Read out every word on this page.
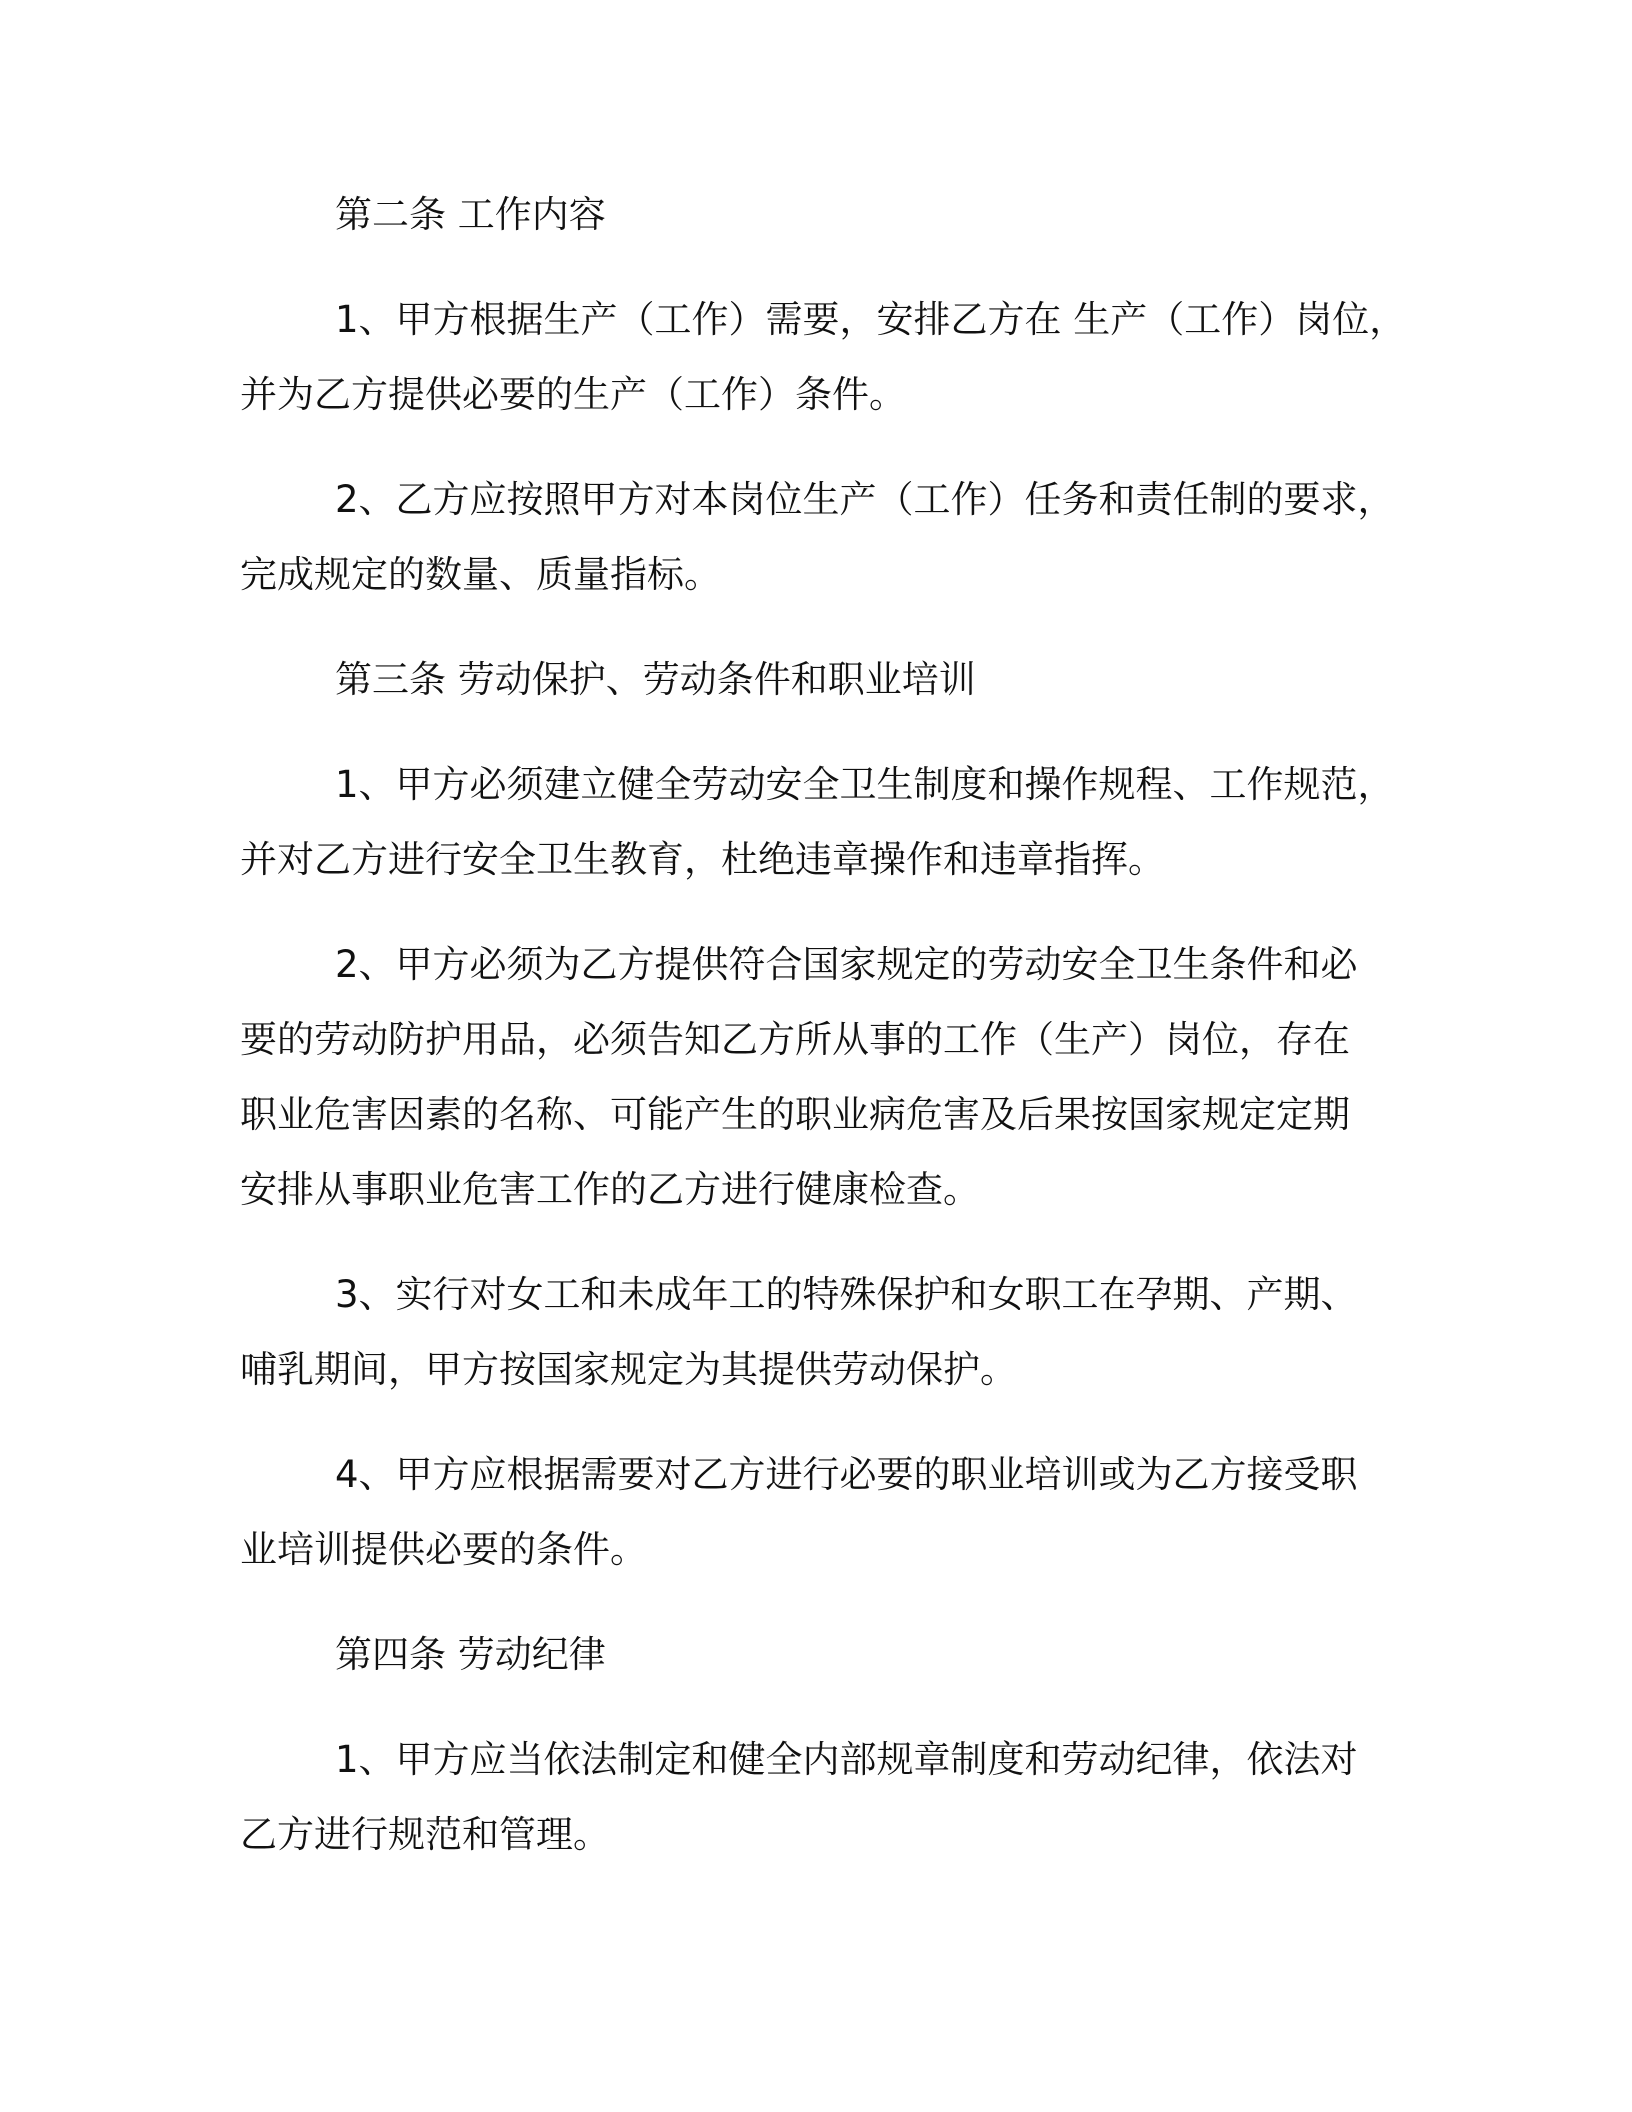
第二条 工作内容
1、甲方根据生产（工作）需要，安排乙方在 生产（工作）岗位，
并为乙方提供必要的生产（工作）条件。
2、乙方应按照甲方对本岗位生产（工作）任务和责任制的要求，
完成规定的数量、质量指标。
第三条 劳动保护、劳动条件和职业培训
1、甲方必须建立健全劳动安全卫生制度和操作规程、工作规范，
并对乙方进行安全卫生教育，杜绝违章操作和违章指挥。
2、甲方必须为乙方提供符合国家规定的劳动安全卫生条件和必
要的劳动防护用品，必须告知乙方所从事的工作（生产）岗位，存在
职业危害因素的名称、可能产生的职业病危害及后果按国家规定定期
安排从事职业危害工作的乙方进行健康检查。
3、实行对女工和未成年工的特殊保护和女职工在孕期、产期、
哺乳期间，甲方按国家规定为其提供劳动保护。
4、甲方应根据需要对乙方进行必要的职业培训或为乙方接受职
业培训提供必要的条件。
第四条 劳动纪律
1、甲方应当依法制定和健全内部规章制度和劳动纪律，依法对
乙方进行规范和管理。
